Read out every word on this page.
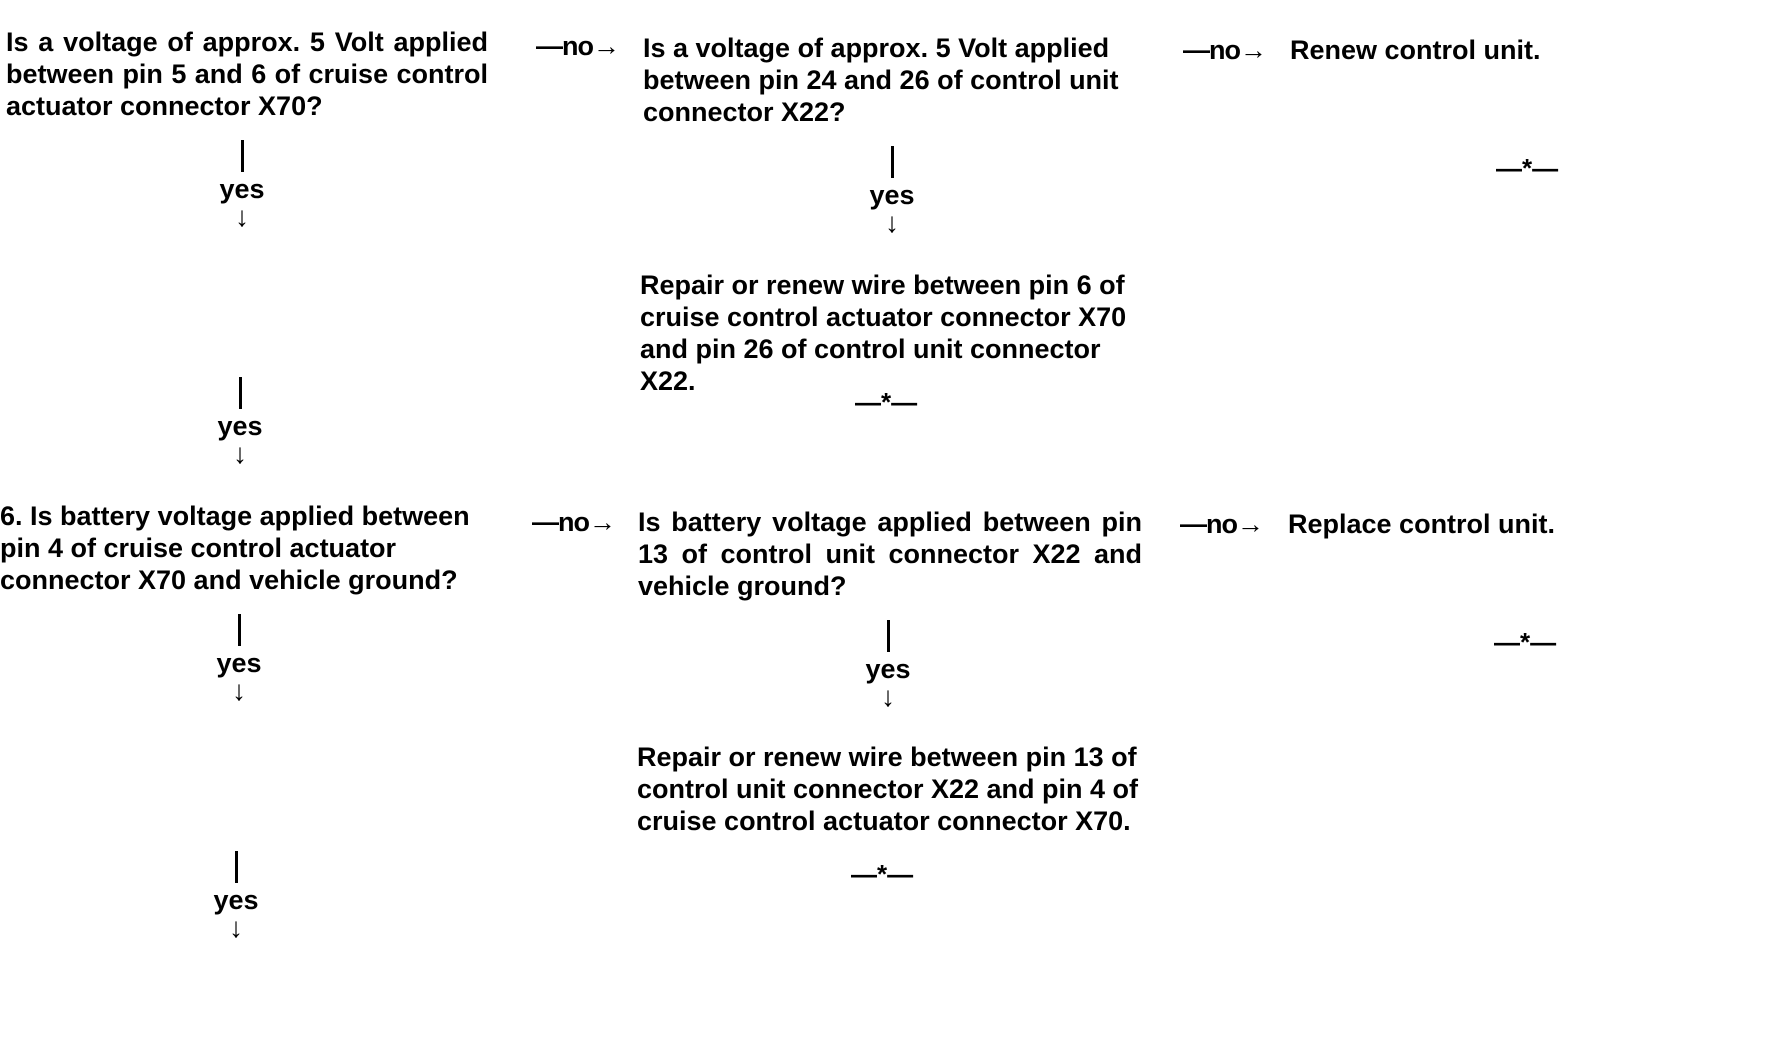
Is a voltage of approx. 5 Volt applied between pin 5 and 6 of cruise control actuator connector X70?
—no→ Is a voltage of approx. 5 Volt applied between pin 24 and 26 of control unit connector X22?
—no→ Renew control unit.
—*—
yes
↓
Repair or renew wire between pin 6 of cruise control actuator connector X70 and pin 26 of control unit connector X22.
—*—
yes
↓
yes
↓
6. Is battery voltage applied between pin 4 of cruise control actuator connector X70 and vehicle ground?
—no→ Is battery voltage applied between pin 13 of control unit connector X22 and vehicle ground?
—no→ Replace control unit.
—*—
yes
↓
Repair or renew wire between pin 13 of control unit connector X22 and pin 4 of cruise control actuator connector X70.
—*—
yes
↓
yes
↓
